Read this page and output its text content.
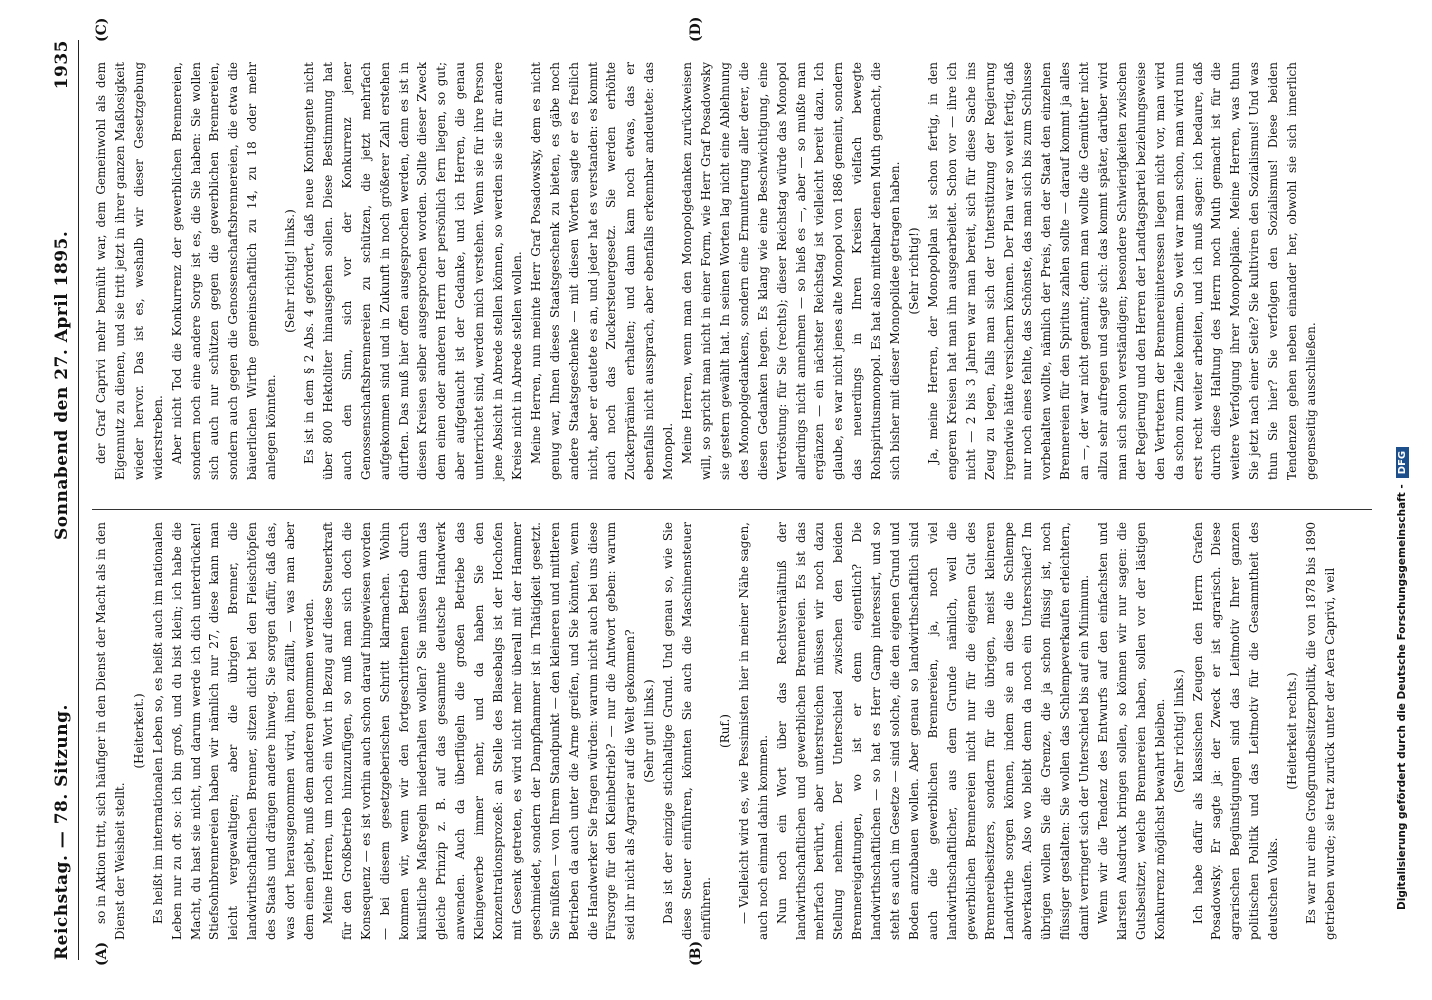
Reichstag. — 78. Sitzung.
Sonnabend den 27. April 1895.
1935
(A)	(B)
(C)	(D)

so in Aktion tritt, sich häufiger in den Dienst der Macht als in den Dienst der Weisheit stellt.

(Heiterkeit.) Es heißt im internationalen Leben so, es heißt auch im nationalen Leben nur zu oft so: ich bin groß, und du bist klein; ich habe die Macht, du hast sie nicht, und darum werde ich dich unterdrücken! Stiefsohnbrennereien haben wir nämlich nur 27, diese kann man leicht vergewaltigen; aber die übrigen Brenner, die landwirthschaftlichen Brenner, sitzen dicht bei den Fleischtöpfen des Staats und drängen andere hinweg. Sie sorgen dafür, daß das, was dort herausgenommen wird, ihnen zufällt, — was man aber dem einen giebt, muß dem anderen genommen werden. Meine Herren, um noch ein Wort in Bezug auf diese Steuerkraft für den Großbetrieb hinzuzufügen, so muß man sich doch die Konsequenz — es ist vorhin auch schon darauf hingewiesen worden — bei diesem gesetzgeberischen Schritt klarmachen. Wohin kommen wir, wenn wir den fortgeschrittenen Betrieb durch künstliche Maßregeln niederhalten wollen? Sie müssen dann das gleiche Prinzip z. B. auf das gesammte deutsche Handwerk anwenden. Auch da überflügeln die großen Betriebe das Kleingewerbe immer mehr, und da haben Sie den Konzentrationsprozeß: an Stelle des Blasebalgs ist der Hochofen mit Gesenk getreten, es wird nicht mehr überall mit der Hammer geschmiedet, sondern der Dampfhammer ist in Thätigkeit gesetzt. Sie müßten — von Ihrem Standpunkt — den kleineren und mittleren Betrieben da auch unter die Arme greifen, und Sie könnten, wenn die Handwerker Sie fragen würden: warum nicht auch bei uns diese Fürsorge für den Kleinbetrieb? — nur die Antwort geben: warum seid ihr nicht als Agrarier auf die Welt gekommen? (Sehr gut! links.) Das ist der einzige stichhaltige Grund. Und genau so, wie Sie diese Steuer einführen, könnten Sie auch die Maschinensteuer einführen.

(Ruf.) — Vielleicht wird es, wie Pessimisten hier in meiner Nähe sagen, auch noch einmal dahin kommen. Nun noch ein Wort über das Rechtsverhältniß der landwirthschaftlichen und gewerblichen Brennereien. Es ist das mehrfach berührt, aber unterstreichen müssen wir noch dazu Stellung nehmen. Der Unterschied zwischen den beiden Brennereigattungen, wo ist er denn eigentlich? Die landwirthschaftlichen — so hat es Herr Gamp interessirt, und so steht es auch im Gesetze — sind solche, die den eigenen Grund und Boden anzubauen wollen. Aber genau so landwirthschaftlich sind auch die gewerblichen Brennereien, ja, noch viel landwirthschaftlicher, aus dem Grunde nämlich, weil die gewerblichen Brennereien nicht nur für die eigenen Gut des Brennereibesitzers, sondern für die übrigen, meist kleineren Landwirthe sorgen können, indem sie an diese die Schlempe abverkaufen. Also wo bleibt denn da noch ein Unterschied? Im übrigen wollen Sie die Grenze, die ja schon flüssig ist, noch flüssiger gestalten: Sie wollen das Schlempeverkaufen erleichtern, damit verringert sich der Unterschied bis auf ein Minimum. Wenn wir die Tendenz des Entwurfs auf den einfachsten und klarsten Ausdruck bringen sollen, so können wir nur sagen: die Gutsbesitzer, welche Brennereien haben, sollen vor der lästigen Konkurrenz möglichst bewahrt bleiben. (Sehr richtig! links.) Ich habe dafür als klassischen Zeugen den Herrn Grafen Posadowsky. Er sagte ja: der Zweck er ist agrarisch. Diese agrarischen Begünstigungen sind das Leitmotiv Ihrer ganzen politischen Politik und das Leitmotiv für die Gesammtheit des deutschen Volks.

(Heiterkeit rechts.) Es war nur eine Großgrundbesitzerpolitik, die von 1878 bis 1890 getrieben wurde; sie trat zurück unter der Aera Caprivi, weil

der Graf Caprivi mehr bemüht war, dem Gemeinwohl als dem Eigennutz zu dienen, und sie tritt jetzt in ihrer ganzen Maßlosigkeit wieder hervor. Das ist es, weshalb wir dieser Gesetzgebung widerstreben. Aber nicht Tod die Konkurrenz der gewerblichen Brennereien, sondern noch eine andere Sorge ist es, die Sie haben: Sie wollen sich auch nur schützen gegen die gewerblichen Brennereien, sondern auch gegen die Genossenschaftsbrennereien, die etwa die bäuerlichen Wirthe gemeinschaftlich zu 14, zu 18 oder mehr anlegen könnten.

(Sehr richtig! links.) Es ist in dem § 2 Abs. 4 gefordert, daß neue Kontingente nicht über 800 Hektoliter hinausgehen sollen. Diese Bestimmung hat auch den Sinn, sich vor der Konkurrenz jener Genossenschaftsbrennereien zu schützen, die jetzt mehrfach aufgekommen sind und in Zukunft in noch größerer Zahl erstehen dürften. Das muß hier offen ausgesprochen werden, denn es ist in diesen Kreisen selber ausgesprochen worden. Sollte dieser Zweck dem einen oder anderen Herrn der persönlich fern liegen, so gut; aber aufgetaucht ist der Gedanke, und ich Herren, die genau unterrichtet sind, werden mich verstehen. Wenn sie für ihre Person jene Absicht in Abrede stellen können, so werden sie sie für andere Kreise nicht in Abrede stellen wollen. Meine Herren, nun meinte Herr Graf Posadowsky, dem es nicht genug war, Ihnen dieses Staatsgeschenk zu bieten, es gäbe noch andere Staatsgeschenke — mit diesen Worten sagte er es freilich nicht, aber er deutete es an, und jeder hat es verstanden: es kommt auch noch das Zuckersteuergesetz. Sie werden erhöhte Zuckerprämien erhalten; und dann kam noch etwas, das er ebenfalls nicht aussprach, aber ebenfalls erkennbar andeutete: das Monopol. Meine Herren, wenn man den Monopolgedanken zurückweisen will, so spricht man nicht in einer Form, wie Herr Graf Posadowsky sie gestern gewählt hat. In seinen Worten lag nicht eine Ablehnung des Monopolgedankens, sondern eine Ermunterung aller derer, die diesen Gedanken hegen. Es klang wie eine Beschwichtigung, eine Vertröstung: für Sie (rechts); dieser Reichstag würde das Monopol allerdings nicht annehmen — so hieß es —, aber — so mußte man ergänzen — ein nächster Reichstag ist vielleicht bereit dazu. Ich glaube, es war nicht jenes alte Monopol von 1886 gemeint, sondern das neuerdings in Ihren Kreisen vielfach bewegte Rohspiritusmonopol. Es hat also mittelbar denen Muth gemacht, die sich bisher mit dieser Monopolidee getragen haben. (Sehr richtig!) Ja, meine Herren, der Monopolplan ist schon fertig, in den engeren Kreisen hat man ihn ausgearbeitet. Schon vor — ihre ich nicht — 2 bis 3 Jahren war man bereit, sich für diese Sache ins Zeug zu legen, falls man sich der Unterstützung der Regierung irgendwie hätte versichern können. Der Plan war so weit fertig, daß nur noch eines fehlte, das Schönste, das man sich bis zum Schlusse vorbehalten wollte, nämlich der Preis, den der Staat den einzelnen Brennereien für den Spiritus zahlen sollte — darauf kommt ja alles an —, der war nicht genannt; denn man wollte die Gemüther nicht allzu sehr aufregen und sagte sich: das kommt später, darüber wird man sich schon verständigen; besondere Schwierigkeiten zwischen der Regierung und den Herren der Landtagspartei beziehungsweise den Vertretern der Brennereiinteressen liegen nicht vor, man wird da schon zum Ziele kommen. So weit war man schon, man wird nun erst recht weiter arbeiten, und ich muß sagen: ich bedaure, daß durch diese Haltung des Herrn noch Muth gemacht ist für die weitere Verfolgung ihrer Monopolpläne. Meine Herren, was thun Sie jetzt nach einer Seite? Sie kultiviren den Sozialismus! Und was thun Sie hier? Sie verfolgen den Sozialismus! Diese beiden Tendenzen gehen neben einander her, obwohl sie sich innerlich gegenseitig ausschließen.

Digitalisierung gefördert durch die Deutsche Forschungsgemeinschaft -DFG
